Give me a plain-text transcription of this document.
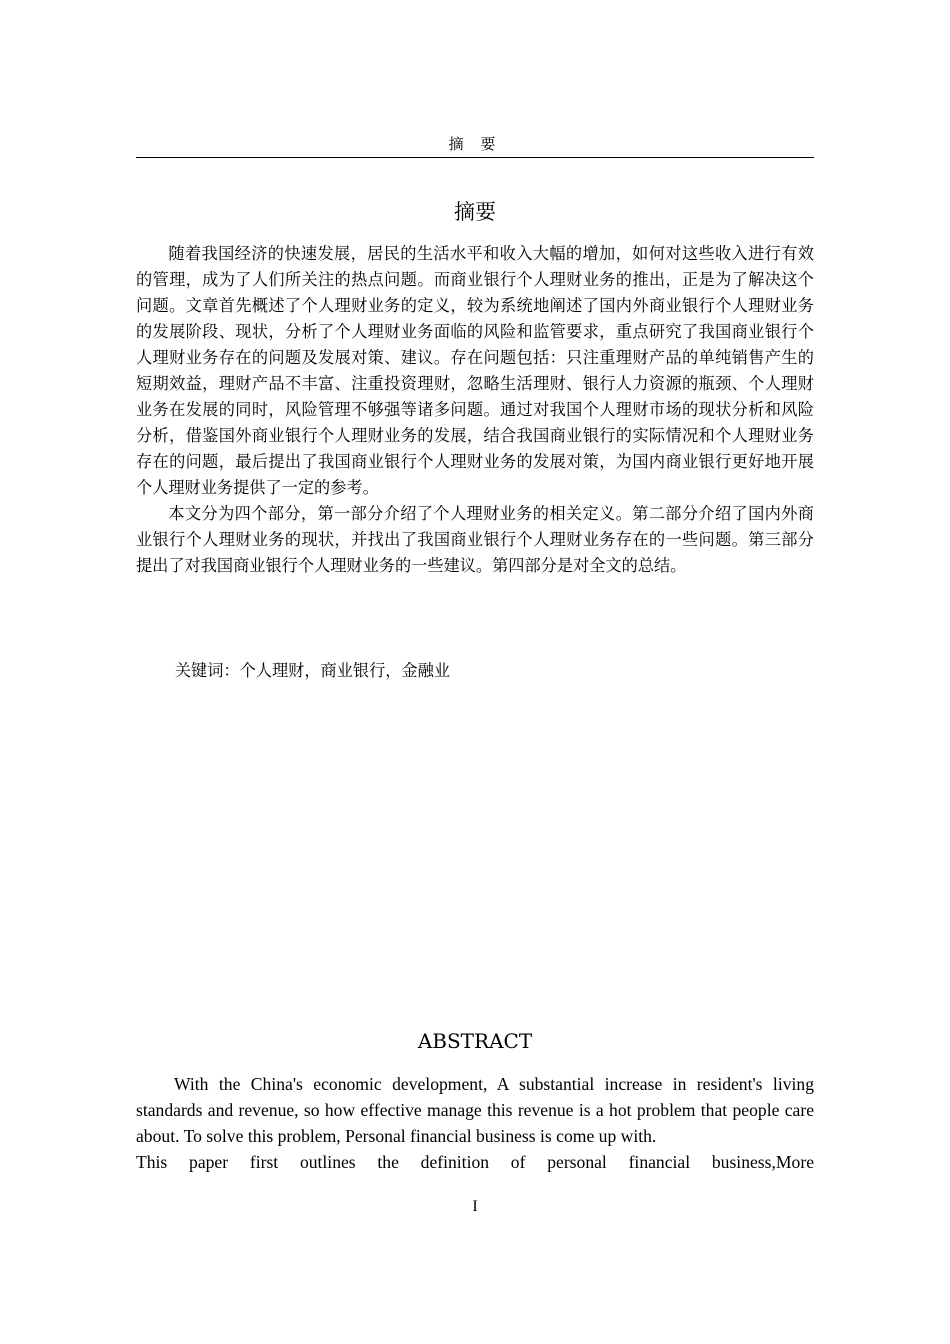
摘 要
摘要

随着我国经济的快速发展，居民的生活水平和收入大幅的增加，如何对这些收入进行有效的管理，成为了人们所关注的热点问题。而商业银行个人理财业务的推出，正是为了解决这个问题。文章首先概述了个人理财业务的定义，较为系统地阐述了国内外商业银行个人理财业务的发展阶段、现状，分析了个人理财业务面临的风险和监管要求，重点研究了我国商业银行个人理财业务存在的问题及发展对策、建议。存在问题包括：只注重理财产品的单纯销售产生的短期效益，理财产品不丰富、注重投资理财，忽略生活理财、银行人力资源的瓶颈、个人理财业务在发展的同时，风险管理不够强等诸多问题。通过对我国个人理财市场的现状分析和风险分析，借鉴国外商业银行个人理财业务的发展，结合我国商业银行的实际情况和个人理财业务存在的问题，最后提出了我国商业银行个人理财业务的发展对策，为国内商业银行更好地开展个人理财业务提供了一定的参考。

本文分为四个部分，第一部分介绍了个人理财业务的相关定义。第二部分介绍了国内外商业银行个人理财业务的现状，并找出了我国商业银行个人理财业务存在的一些问题。第三部分提出了对我国商业银行个人理财业务的一些建议。第四部分是对全文的总结。

关键词：个人理财，商业银行，金融业
ABSTRACT

With the China's economic development, A substantial increase in resident's living standards and revenue, so how effective manage this revenue is a hot problem that people care about. To solve this problem, Personal financial business is come up with.
This paper first outlines the definition of personal financial business,More

I
